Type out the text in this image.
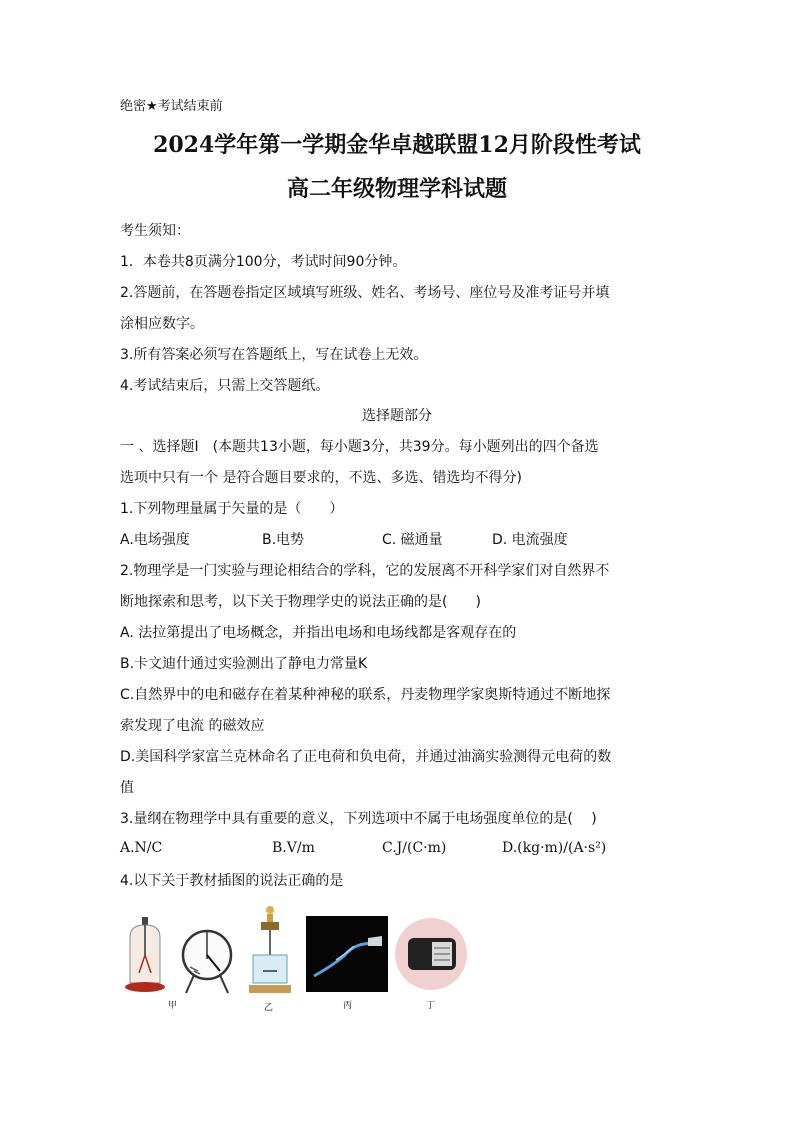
绝密★考试结束前
2024学年第一学期金华卓越联盟12月阶段性考试
高二年级物理学科试题
考生须知：
1．本卷共8页满分100分，考试时间90分钟。
2.答题前，在答题卷指定区域填写班级、姓名、考场号、座位号及准考证号并填
涂相应数字。
3.所有答案必须写在答题纸上，写在试卷上无效。
4.考试结束后，只需上交答题纸。
选择题部分
一 、选择题Ⅰ　(本题共13小题，每小题3分，共39分。每小题列出的四个备选
选项中只有一个 是符合题目要求的，不选、多选、错选均不得分)
1.下列物理量属于矢量的是（　　）
A.电场强度	B.电势	C. 磁通量	D. 电流强度
2.物理学是一门实验与理论相结合的学科，它的发展离不开科学家们对自然界不
断地探索和思考，以下关于物理学史的说法正确的是(　　)
A. 法拉第提出了电场概念，并指出电场和电场线都是客观存在的
B.卡文迪什通过实验测出了静电力常量K
C.自然界中的电和磁存在着某种神秘的联系，丹麦物理学家奥斯特通过不断地探
索发现了电流 的磁效应
D.美国科学家富兰克林命名了正电荷和负电荷，并通过油滴实验测得元电荷的数
值
3.量纲在物理学中具有重要的意义，下列选项中不属于电场强度单位的是(　 )
A.N/C	B.V/m	C.J/(C·m)	D.(kg·m)/(A·s²)
4.以下关于教材插图的说法正确的是
甲	乙	丙	丁
